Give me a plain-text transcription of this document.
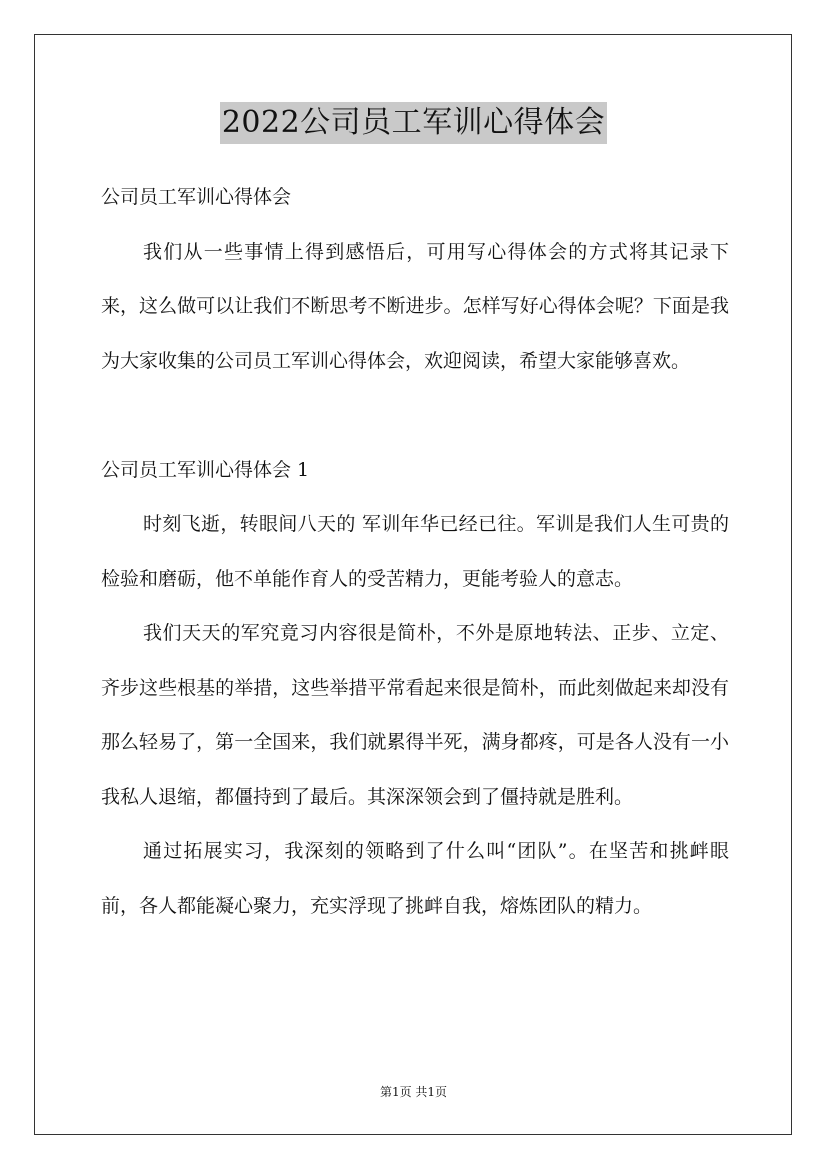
2022公司员工军训心得体会

公司员工军训心得体会

我们从一些事情上得到感悟后，可用写心得体会的方式将其记录下来，这么做可以让我们不断思考不断进步。怎样写好心得体会呢？下面是我为大家收集的公司员工军训心得体会，欢迎阅读，希望大家能够喜欢。

公司员工军训心得体会 1

时刻飞逝，转眼间八天的 军训年华已经已往。军训是我们人生可贵的检验和磨砺，他不单能作育人的受苦精力，更能考验人的意志。

我们天天的军究竟习内容很是简朴，不外是原地转法、正步、立定、齐步这些根基的举措，这些举措平常看起来很是简朴，而此刻做起来却没有那么轻易了，第一全国来，我们就累得半死，满身都疼，可是各人没有一小我私人退缩，都僵持到了最后。其深深领会到了僵持就是胜利。

通过拓展实习，我深刻的领略到了什么叫“团队”。在坚苦和挑衅眼前，各人都能凝心聚力，充实浮现了挑衅自我，熔炼团队的精力。

第1页 共1页
